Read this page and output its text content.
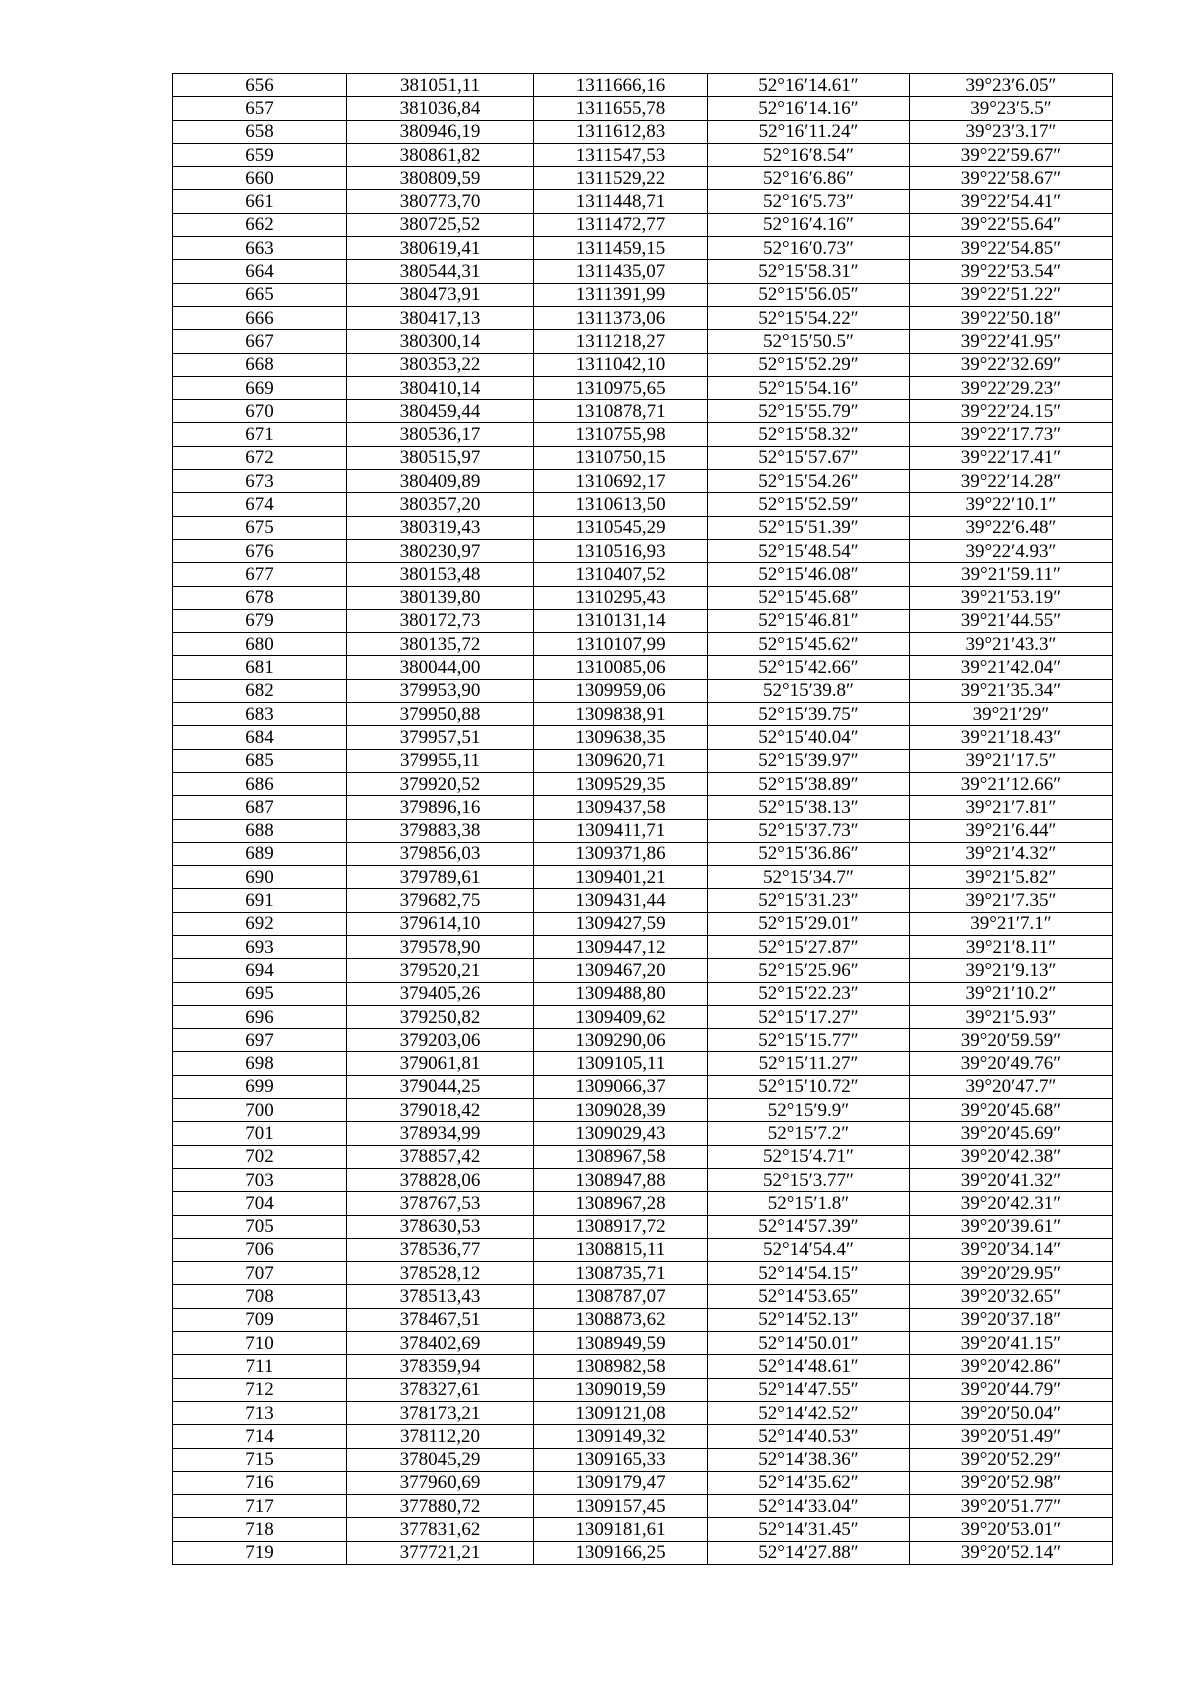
656	381051,11	1311666,16	52°16′14.61″	39°23′6.05″
657	381036,84	1311655,78	52°16′14.16″	39°23′5.5″
658	380946,19	1311612,83	52°16′11.24″	39°23′3.17″
659	380861,82	1311547,53	52°16′8.54″	39°22′59.67″
660	380809,59	1311529,22	52°16′6.86″	39°22′58.67″
661	380773,70	1311448,71	52°16′5.73″	39°22′54.41″
662	380725,52	1311472,77	52°16′4.16″	39°22′55.64″
663	380619,41	1311459,15	52°16′0.73″	39°22′54.85″
664	380544,31	1311435,07	52°15′58.31″	39°22′53.54″
665	380473,91	1311391,99	52°15′56.05″	39°22′51.22″
666	380417,13	1311373,06	52°15′54.22″	39°22′50.18″
667	380300,14	1311218,27	52°15′50.5″	39°22′41.95″
668	380353,22	1311042,10	52°15′52.29″	39°22′32.69″
669	380410,14	1310975,65	52°15′54.16″	39°22′29.23″
670	380459,44	1310878,71	52°15′55.79″	39°22′24.15″
671	380536,17	1310755,98	52°15′58.32″	39°22′17.73″
672	380515,97	1310750,15	52°15′57.67″	39°22′17.41″
673	380409,89	1310692,17	52°15′54.26″	39°22′14.28″
674	380357,20	1310613,50	52°15′52.59″	39°22′10.1″
675	380319,43	1310545,29	52°15′51.39″	39°22′6.48″
676	380230,97	1310516,93	52°15′48.54″	39°22′4.93″
677	380153,48	1310407,52	52°15′46.08″	39°21′59.11″
678	380139,80	1310295,43	52°15′45.68″	39°21′53.19″
679	380172,73	1310131,14	52°15′46.81″	39°21′44.55″
680	380135,72	1310107,99	52°15′45.62″	39°21′43.3″
681	380044,00	1310085,06	52°15′42.66″	39°21′42.04″
682	379953,90	1309959,06	52°15′39.8″	39°21′35.34″
683	379950,88	1309838,91	52°15′39.75″	39°21′29″
684	379957,51	1309638,35	52°15′40.04″	39°21′18.43″
685	379955,11	1309620,71	52°15′39.97″	39°21′17.5″
686	379920,52	1309529,35	52°15′38.89″	39°21′12.66″
687	379896,16	1309437,58	52°15′38.13″	39°21′7.81″
688	379883,38	1309411,71	52°15′37.73″	39°21′6.44″
689	379856,03	1309371,86	52°15′36.86″	39°21′4.32″
690	379789,61	1309401,21	52°15′34.7″	39°21′5.82″
691	379682,75	1309431,44	52°15′31.23″	39°21′7.35″
692	379614,10	1309427,59	52°15′29.01″	39°21′7.1″
693	379578,90	1309447,12	52°15′27.87″	39°21′8.11″
694	379520,21	1309467,20	52°15′25.96″	39°21′9.13″
695	379405,26	1309488,80	52°15′22.23″	39°21′10.2″
696	379250,82	1309409,62	52°15′17.27″	39°21′5.93″
697	379203,06	1309290,06	52°15′15.77″	39°20′59.59″
698	379061,81	1309105,11	52°15′11.27″	39°20′49.76″
699	379044,25	1309066,37	52°15′10.72″	39°20′47.7″
700	379018,42	1309028,39	52°15′9.9″	39°20′45.68″
701	378934,99	1309029,43	52°15′7.2″	39°20′45.69″
702	378857,42	1308967,58	52°15′4.71″	39°20′42.38″
703	378828,06	1308947,88	52°15′3.77″	39°20′41.32″
704	378767,53	1308967,28	52°15′1.8″	39°20′42.31″
705	378630,53	1308917,72	52°14′57.39″	39°20′39.61″
706	378536,77	1308815,11	52°14′54.4″	39°20′34.14″
707	378528,12	1308735,71	52°14′54.15″	39°20′29.95″
708	378513,43	1308787,07	52°14′53.65″	39°20′32.65″
709	378467,51	1308873,62	52°14′52.13″	39°20′37.18″
710	378402,69	1308949,59	52°14′50.01″	39°20′41.15″
711	378359,94	1308982,58	52°14′48.61″	39°20′42.86″
712	378327,61	1309019,59	52°14′47.55″	39°20′44.79″
713	378173,21	1309121,08	52°14′42.52″	39°20′50.04″
714	378112,20	1309149,32	52°14′40.53″	39°20′51.49″
715	378045,29	1309165,33	52°14′38.36″	39°20′52.29″
716	377960,69	1309179,47	52°14′35.62″	39°20′52.98″
717	377880,72	1309157,45	52°14′33.04″	39°20′51.77″
718	377831,62	1309181,61	52°14′31.45″	39°20′53.01″
719	377721,21	1309166,25	52°14′27.88″	39°20′52.14″
